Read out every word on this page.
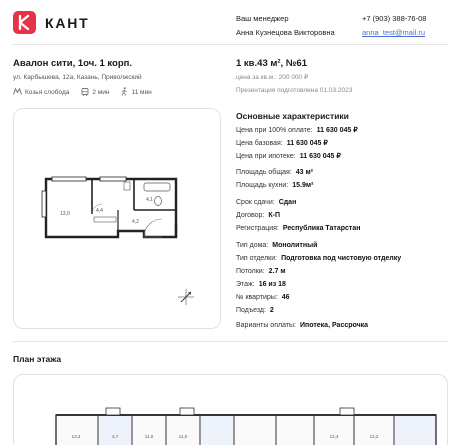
КАНТ	Ваш менеджер
Анна Кузнецова Викторовна
+7 (903) 388-76-08
anna_test@mail.ru
Авалон сити, 1оч. 1 корп.
ул. Карбышева, 12а, Казань, Приволжский
Козья слобода	2 мин	11 мин
1 кв.43 м², №61
цена за кв.м.: 200 000 ₽
Презентация подготовлена 01.03.2023
13,0	4,4
4,1
4,2
Основные характеристики
Цена при 100% оплате: 11 630 045 ₽
Цена базовая: 11 630 045 ₽
Цена при ипотеке: 11 630 045 ₽
Площадь общая: 43 м²
Площадь кухни: 15.9м²
Срок сдачи: Сдан
Договор: К-П
Регистрация: Республика Татарстан
Тип дома: Монолитный
Тип отделки: Подготовка под чистовую отделку
Потолки: 2.7 м
Этаж: 16 из 18
№ квартиры: 46
Подъезд: 2
Варианты оплаты: Ипотека, Рассрочка
План этажа
13,3	4,7	11,0	11,0	13,4	13,2
